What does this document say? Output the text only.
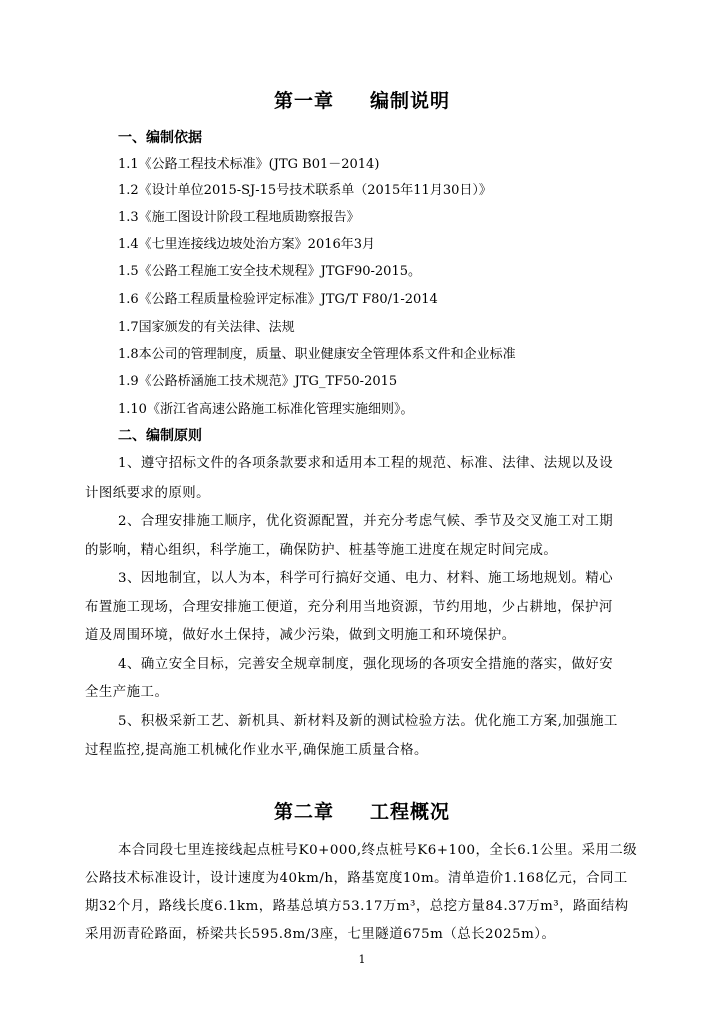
第一章 编制说明
一、编制依据
1.1《公路工程技术标准》(JTG B01－2014)
1.2《设计单位2015-SJ-15号技术联系单（2015年11月30日）》
1.3《施工图设计阶段工程地质勘察报告》
1.4《七里连接线边坡处治方案》2016年3月
1.5《公路工程施工安全技术规程》JTGF90-2015。
1.6《公路工程质量检验评定标准》JTG/T F80/1-2014
1.7国家颁发的有关法律、法规
1.8本公司的管理制度，质量、职业健康安全管理体系文件和企业标准
1.9《公路桥涵施工技术规范》JTG_TF50-2015
1.10《浙江省高速公路施工标准化管理实施细则》。
二、编制原则
1、遵守招标文件的各项条款要求和适用本工程的规范、标准、法律、法规以及设
计图纸要求的原则。
2、合理安排施工顺序，优化资源配置，并充分考虑气候、季节及交叉施工对工期
的影响，精心组织，科学施工，确保防护、桩基等施工进度在规定时间完成。
3、因地制宜，以人为本，科学可行搞好交通、电力、材料、施工场地规划。精心
布置施工现场，合理安排施工便道，充分利用当地资源，节约用地，少占耕地，保护河
道及周围环境，做好水土保持，减少污染，做到文明施工和环境保护。
4、确立安全目标，完善安全规章制度，强化现场的各项安全措施的落实，做好安
全生产施工。
5、积极采新工艺、新机具、新材料及新的测试检验方法。优化施工方案,加强施工
过程监控,提高施工机械化作业水平,确保施工质量合格。
第二章 工程概况
本合同段七里连接线起点桩号K0+000,终点桩号K6+100，全长6.1公里。采用二级
公路技术标准设计，设计速度为40km/h，路基宽度10m。清单造价1.168亿元，合同工
期32个月，路线长度6.1km，路基总填方53.17万m³，总挖方量84.37万m³，路面结构
采用沥青砼路面，桥梁共长595.8m/3座，七里隧道675m（总长2025m）。
1
